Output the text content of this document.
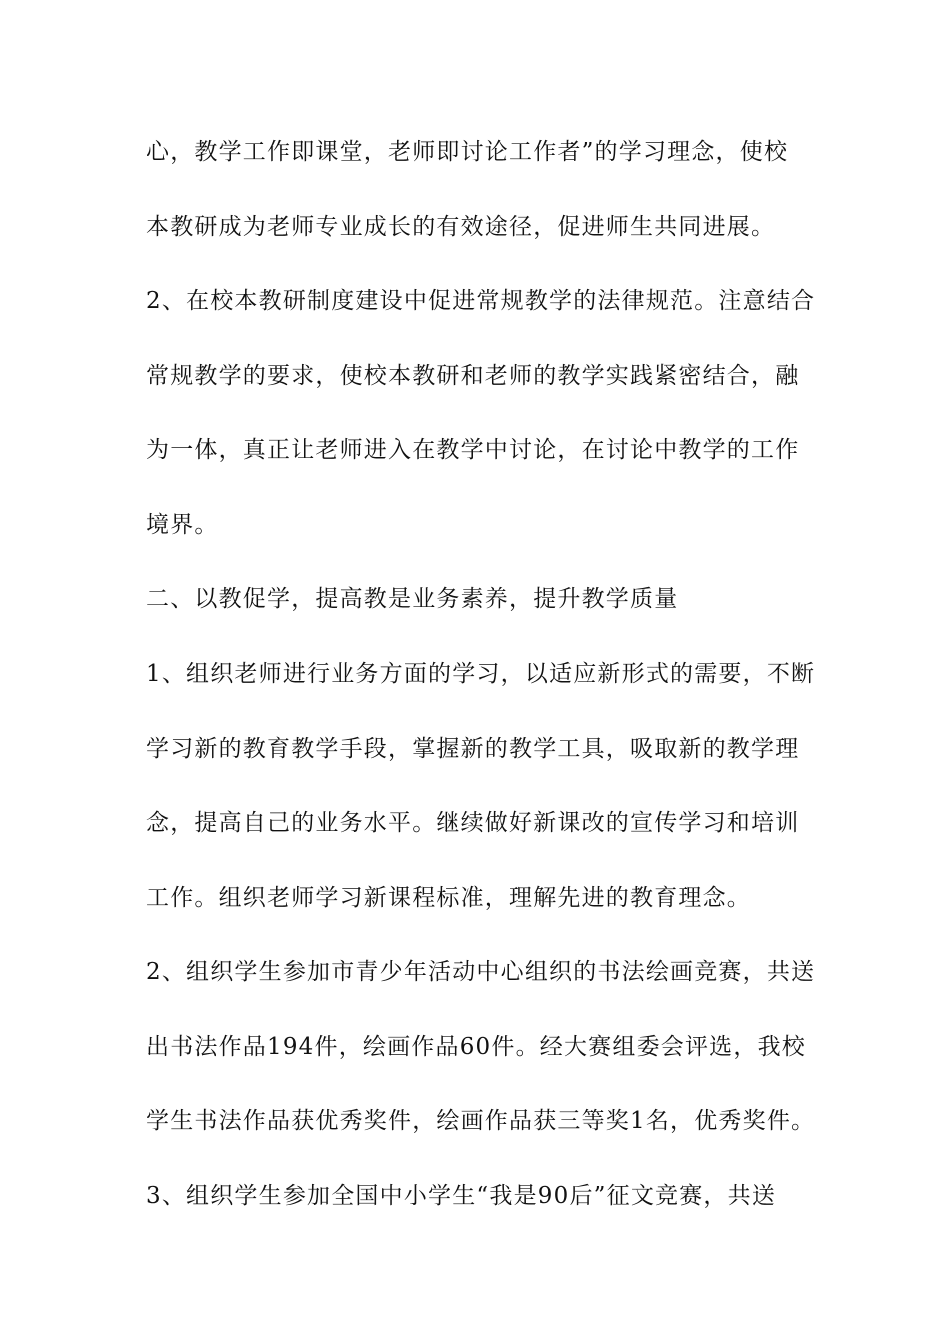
心，教学工作即课堂，老师即讨论工作者”的学习理念，使校
本教研成为老师专业成长的有效途径，促进师生共同进展。
2、在校本教研制度建设中促进常规教学的法律规范。注意结合
常规教学的要求，使校本教研和老师的教学实践紧密结合，融
为一体，真正让老师进入在教学中讨论，在讨论中教学的工作
境界。
二、以教促学，提高教是业务素养，提升教学质量
1、组织老师进行业务方面的学习，以适应新形式的需要，不断
学习新的教育教学手段，掌握新的教学工具，吸取新的教学理
念，提高自己的业务水平。继续做好新课改的宣传学习和培训
工作。组织老师学习新课程标准，理解先进的教育理念。
2、组织学生参加市青少年活动中心组织的书法绘画竞赛，共送
出书法作品194件，绘画作品60件。经大赛组委会评选，我校
学生书法作品获优秀奖件，绘画作品获三等奖1名，优秀奖件。
3、组织学生参加全国中小学生“我是90后”征文竞赛，共送
